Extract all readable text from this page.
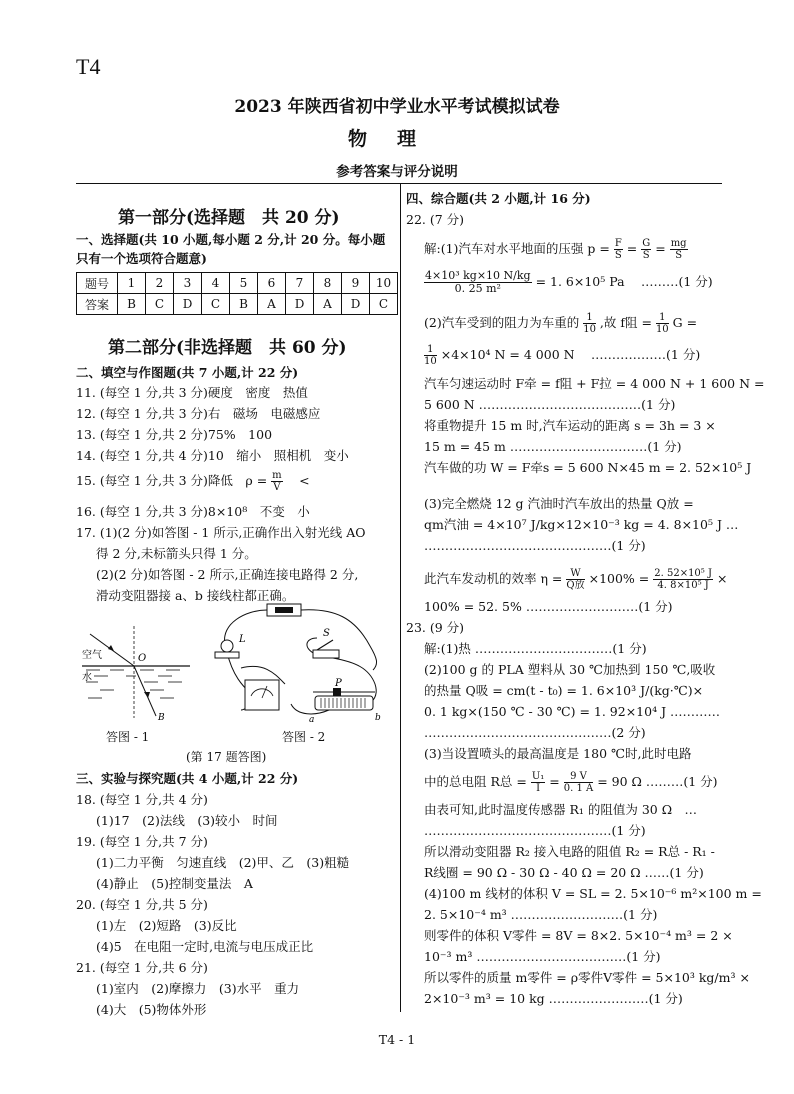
T4
2023 年陕西省初中学业水平考试模拟试卷
物理
参考答案与评分说明
第一部分(选择题　共 20 分)
一、选择题(共 10 小题,每小题 2 分,计 20 分。每小题
只有一个选项符合题意)
题号	1	2	3	4	5	6	7	8	9	10
答案	B	C	D	C	B	A	D	A	D	C
第二部分(非选择题　共 60 分)
二、填空与作图题(共 7 小题,计 22 分)
11. (每空 1 分,共 3 分)硬度　密度　热值
12. (每空 1 分,共 3 分)右　磁场　电磁感应
13. (每空 1 分,共 2 分)75%　100
14. (每空 1 分,共 4 分)10　缩小　照相机　变小
15. (每空 1 分,共 3 分)降低　$\rho = \frac{m}{V}$ 　<
16. (每空 1 分,共 3 分)8×10⁸　不变　小
17. (1)(2 分)如答图 - 1 所示,正确作出入射光线 AO
得 2 分,未标箭头只得 1 分。
(2)(2 分)如答图 - 2 所示,正确连接电路得 2 分,
滑动变阻器接 a、b 接线柱都正确。
空气
水
O
B
答图 - 1
L
S
P
a	b
答图 - 2
(第 17 题答图)
三、实验与探究题(共 4 小题,计 22 分)
18. (每空 1 分,共 4 分)
(1)17　(2)法线　(3)较小　时间
19. (每空 1 分,共 7 分)
(1)二力平衡　匀速直线　(2)甲、乙　(3)粗糙
(4)静止　(5)控制变量法　A
20. (每空 1 分,共 5 分)
(1)左　(2)短路　(3)反比
(4)5　在电阻一定时,电流与电压成正比
21. (每空 1 分,共 6 分)
(1)室内　(2)摩擦力　(3)水平　重力
(4)大　(5)物体外形
四、综合题(共 2 小题,计 16 分)
22. (7 分)
解:(1)汽车对水平地面的压强 $p = \frac{F}{S} = \frac{G}{S} = \frac{mg}{S}$
$\frac{\text{4×10³ kg×10 N/kg}}{\text{0. 25 m²}} = 1$. 6×10⁵ Pa　 ………(1 分)
(2)汽车受到的阻力为车重的 $\frac{1}{10}$ ,故 f阻 = $\frac{1}{10}$ G =
$\frac{1}{10} \times 4\times 10^4$ N = 4 000 N　 ………………(1 分)
汽车匀速运动时 F牵 = f阻 + F拉 = 4 000 N + 1 600 N =
5 600 N …………………………………(1 分)
将重物提升 15 m 时,汽车运动的距离 s = 3h = 3 ×
15 m = 45 m ……………………………(1 分)
汽车做的功 W = F牵s = 5 600 N×45 m = 2. 52×10⁵ J
(3)完全燃烧 12 g 汽油时汽车放出的热量 Q放 =
qm汽油 = 4×10⁷ J/kg×12×10⁻³ kg = 4. 8×10⁵ J …
………………………………………(1 分)
此汽车发动机的效率 $\eta = \frac{W}{\text{Q放}} \times 100\% = \frac{\text{2. 52×10⁵ J}}{\text{4. 8×10⁵ J}}$ ×
100% = 52. 5% ………………………(1 分)
23. (9 分)
解:(1)热 ……………………………(1 分)
(2)100 g 的 PLA 塑料从 30 ℃加热到 150 ℃,吸收
的热量 Q吸 = cm(t - t₀) = 1. 6×10³ J/(kg·℃)×
0. 1 kg×(150 ℃ - 30 ℃) = 1. 92×10⁴ J …………
………………………………………(2 分)
(3)当设置喷头的最高温度是 180 ℃时,此时电路
中的总电阻 R总 = $\frac{\text{U₁}}{I} = \frac{9 V}{0. 1 A} = 90$ Ω ………(1 分)
由表可知,此时温度传感器 R₁ 的阻值为 30 Ω　…
………………………………………(1 分)
所以滑动变阻器 R₂ 接入电路的阻值 R₂ = R总 - R₁ -
R线圈 = 90 Ω - 30 Ω - 40 Ω = 20 Ω ……(1 分)
(4)100 m 线材的体积 V = SL = 2. 5×10⁻⁶ m²×100 m =
2. 5×10⁻⁴ m³ ………………………(1 分)
则零件的体积 V零件 = 8V = 8×2. 5×10⁻⁴ m³ = 2 ×
10⁻³ m³ ………………………………(1 分)
所以零件的质量 m零件 = ρ零件V零件 = 5×10³ kg/m³ ×
2×10⁻³ m³ = 10 kg ……………………(1 分)
T4 - 1
